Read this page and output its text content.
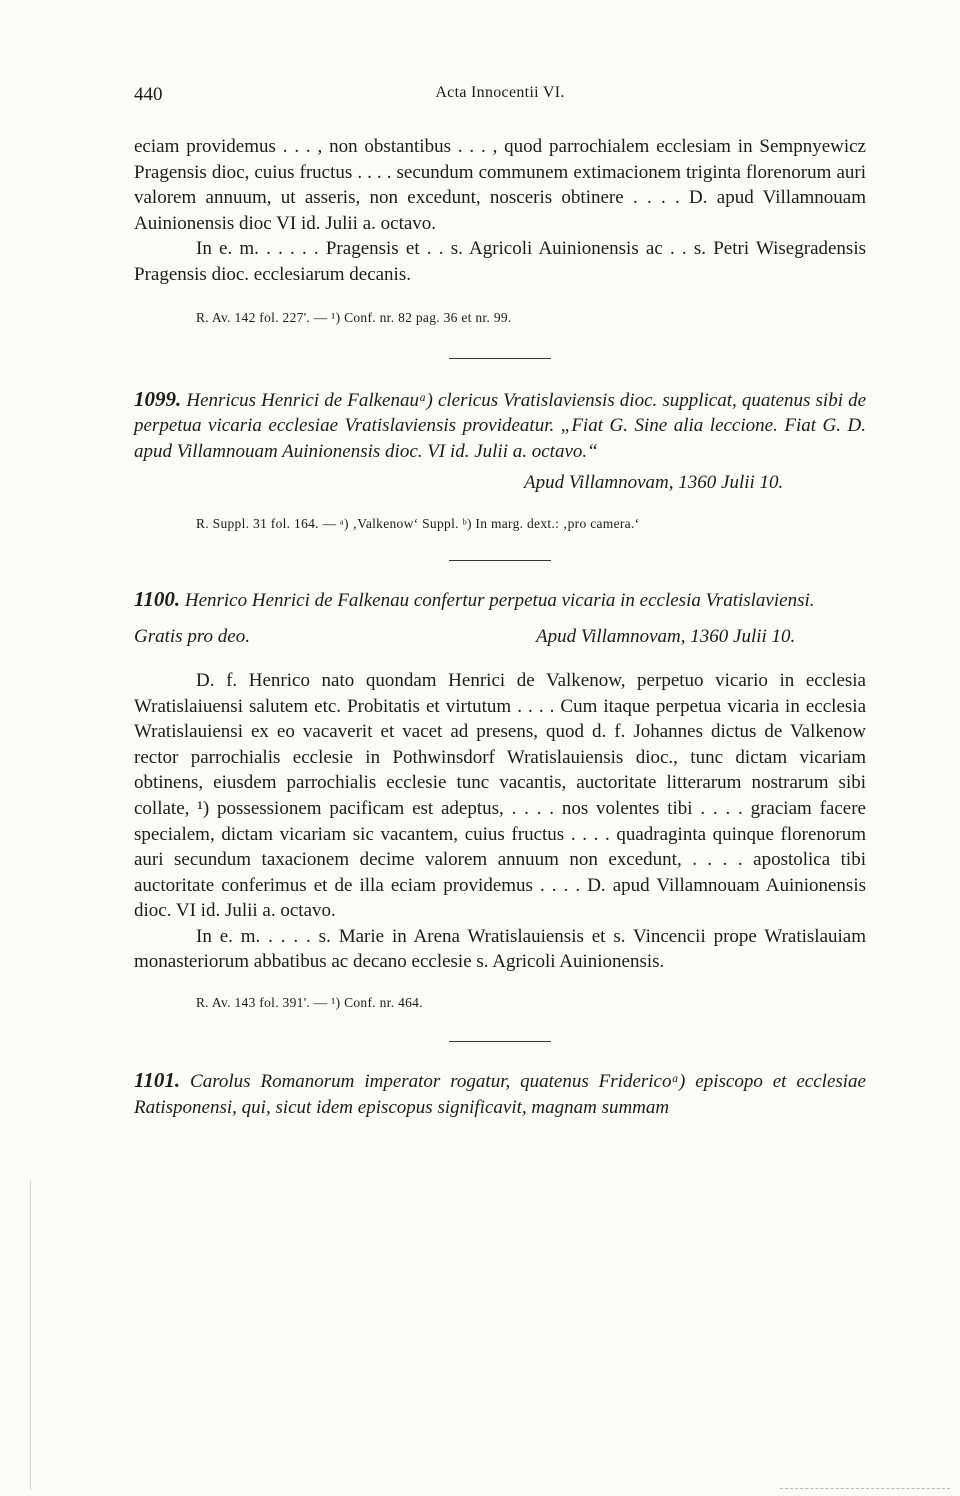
440	Acta Innocentii VI.

eciam providemus . . . , non obstantibus . . . , quod parrochialem ecclesiam in Sempnyewicz Pragensis dioc, cuius fructus . . . . secundum communem extimacionem triginta florenorum auri valorem annuum, ut asseris, non excedunt, nosceris obtinere . . . . D. apud Villamnouam Auinionensis dioc VI id. Julii a. octavo.

In e. m. . . . . . Pragensis et . . s. Agricoli Auinionensis ac . . s. Petri Wisegradensis Pragensis dioc. ecclesiarum decanis.

R. Av. 142 fol. 227'. — ¹) Conf. nr. 82 pag. 36 et nr. 99.

1099. Henricus Henrici de Falkenauᵃ) clericus Vratislaviensis dioc. supplicat, quatenus sibi de perpetua vicaria ecclesiae Vratislaviensis provideatur. „Fiat G. Sine alia leccione. Fiat G. D. apud Villamnouam Auinionensis dioc. VI id. Julii a. octavo.“

Apud Villamnovam, 1360 Julii 10.

R. Suppl. 31 fol. 164. — ᵃ) ‚Valkenow‘ Suppl. ᵇ) In marg. dext.: ‚pro camera.‘

1100. Henrico Henrici de Falkenau confertur perpetua vicaria in ecclesia Vratislaviensi.

Gratis pro deo.	Apud Villamnovam, 1360 Julii 10.

D. f. Henrico nato quondam Henrici de Valkenow, perpetuo vicario in ecclesia Wratislaiuensi salutem etc. Probitatis et virtutum . . . . Cum itaque perpetua vicaria in ecclesia Wratislauiensi ex eo vacaverit et vacet ad presens, quod d. f. Johannes dictus de Valkenow rector parrochialis ecclesie in Pothwinsdorf Wratislauiensis dioc., tunc dictam vicariam obtinens, eiusdem parrochialis ecclesie tunc vacantis, auctoritate litterarum nostrarum sibi collate, ¹) possessionem pacificam est adeptus, . . . . nos volentes tibi . . . . graciam facere specialem, dictam vicariam sic vacantem, cuius fructus . . . . quadraginta quinque florenorum auri secundum taxacionem decime valorem annuum non excedunt, . . . . apostolica tibi auctoritate conferimus et de illa eciam providemus . . . . D. apud Villamnouam Auinionensis dioc. VI id. Julii a. octavo.

In e. m. . . . . s. Marie in Arena Wratislauiensis et s. Vincencii prope Wratislauiam monasteriorum abbatibus ac decano ecclesie s. Agricoli Auinionensis.

R. Av. 143 fol. 391'. — ¹) Conf. nr. 464.

1101. Carolus Romanorum imperator rogatur, quatenus Fridericoᵃ) episcopo et ecclesiae Ratisponensi, qui, sicut idem episcopus significavit, magnam summam
